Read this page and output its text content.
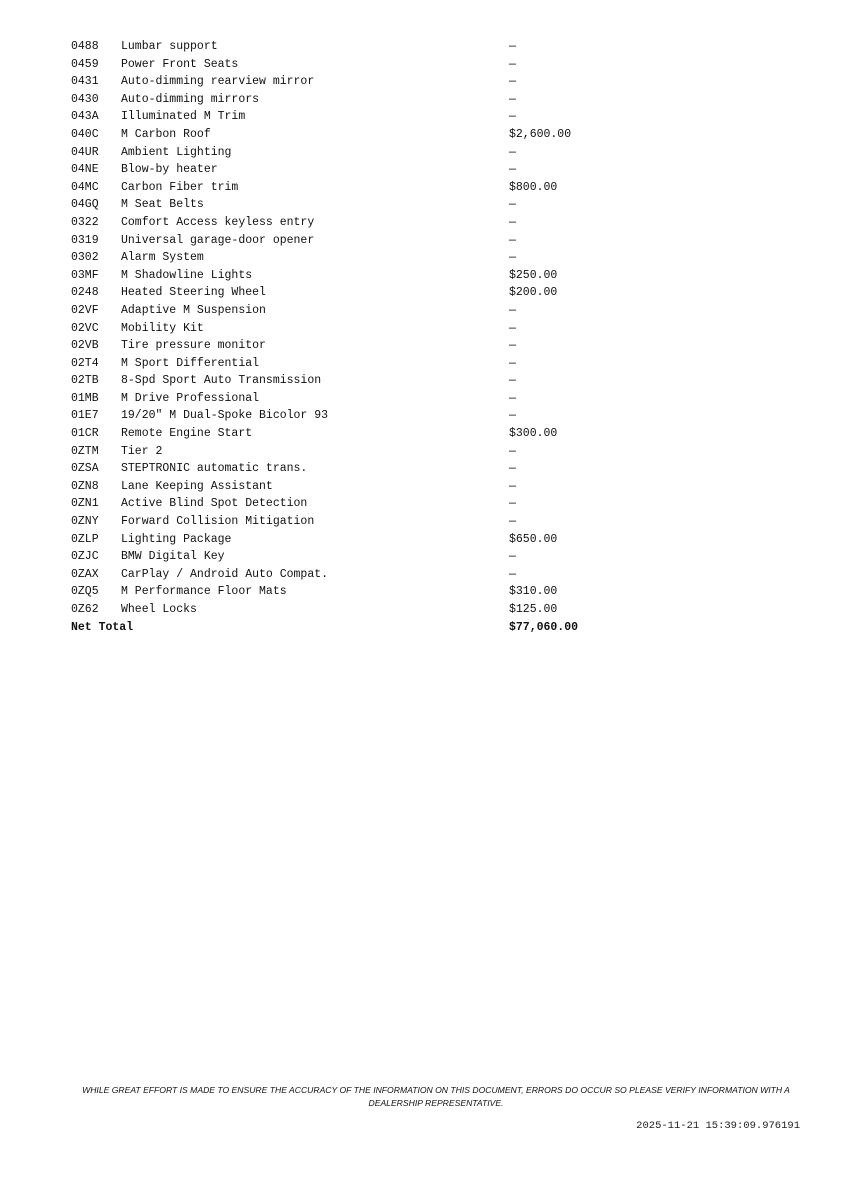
0488	Lumbar support	—
0459	Power Front Seats	—
0431	Auto-dimming rearview mirror	—
0430	Auto-dimming mirrors	—
043A	Illuminated M Trim	—
040C	M Carbon Roof	$2,600.00
04UR	Ambient Lighting	—
04NE	Blow-by heater	—
04MC	Carbon Fiber trim	$800.00
04GQ	M Seat Belts	—
0322	Comfort Access keyless entry	—
0319	Universal garage-door opener	—
0302	Alarm System	—
03MF	M Shadowline Lights	$250.00
0248	Heated Steering Wheel	$200.00
02VF	Adaptive M Suspension	—
02VC	Mobility Kit	—
02VB	Tire pressure monitor	—
02T4	M Sport Differential	—
02TB	8-Spd Sport Auto Transmission	—
01MB	M Drive Professional	—
01E7	19/20" M Dual-Spoke Bicolor 93	—
01CR	Remote Engine Start	$300.00
0ZTM	Tier 2	—
0ZSA	STEPTRONIC automatic trans.	—
0ZN8	Lane Keeping Assistant	—
0ZN1	Active Blind Spot Detection	—
0ZNY	Forward Collision Mitigation	—
0ZLP	Lighting Package	$650.00
0ZJC	BMW Digital Key	—
0ZAX	CarPlay / Android Auto Compat.	—
0ZQ5	M Performance Floor Mats	$310.00
0Z62	Wheel Locks	$125.00
Net Total	$77,060.00
WHILE GREAT EFFORT IS MADE TO ENSURE THE ACCURACY OF THE INFORMATION ON THIS DOCUMENT, ERRORS DO OCCUR SO PLEASE VERIFY INFORMATION WITH A DEALERSHIP REPRESENTATIVE.
2025-11-21 15:39:09.976191
